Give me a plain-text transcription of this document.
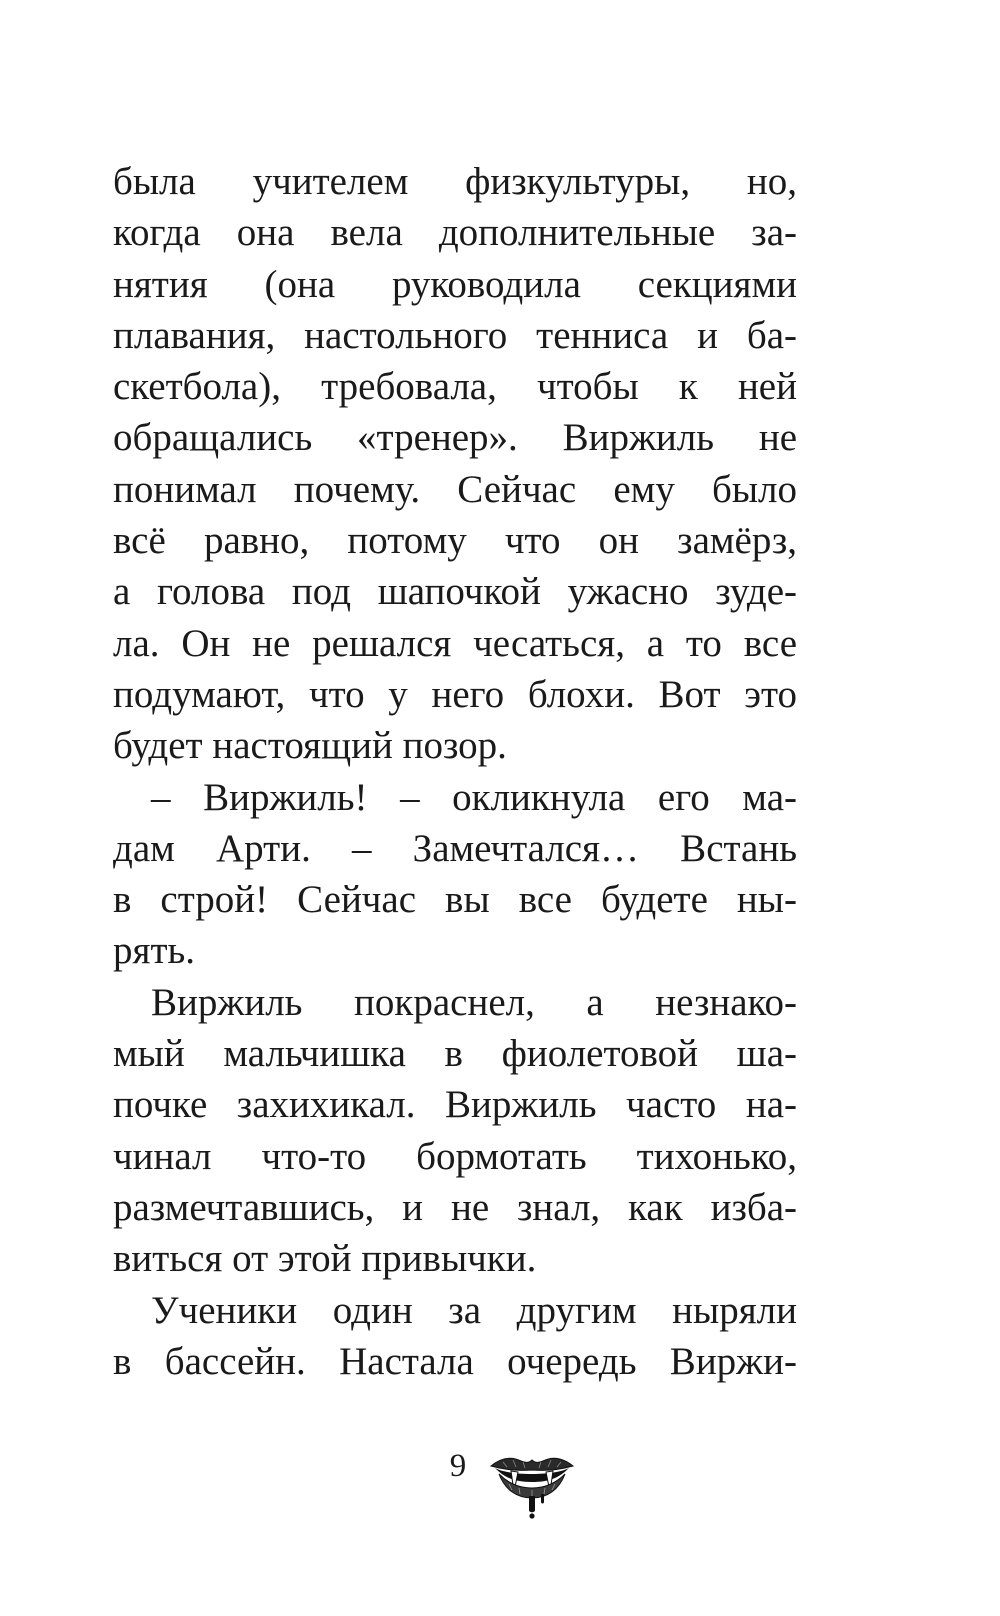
была учителем физкультуры, но,
когда она вела дополнительные за-
нятия (она руководила секциями
плавания, настольного тенниса и ба-
скетбола), требовала, чтобы к ней
обращались «тренер». Виржиль не
понимал почему. Сейчас ему было
всё равно, потому что он замёрз,
а голова под шапочкой ужасно зуде-
ла. Он не решался чесаться, а то все
подумают, что у него блохи. Вот это
будет настоящий позор.
– Виржиль! – окликнула его ма-
дам Арти. – Замечтался… Встань
в строй! Сейчас вы все будете ны-
рять.
Виржиль покраснел, а незнако-
мый мальчишка в фиолетовой ша-
почке захихикал. Виржиль часто на-
чинал что-то бормотать тихонько,
размечтавшись, и не знал, как изба-
виться от этой привычки.
Ученики один за другим ныряли
в бассейн. Настала очередь Виржи-
9
